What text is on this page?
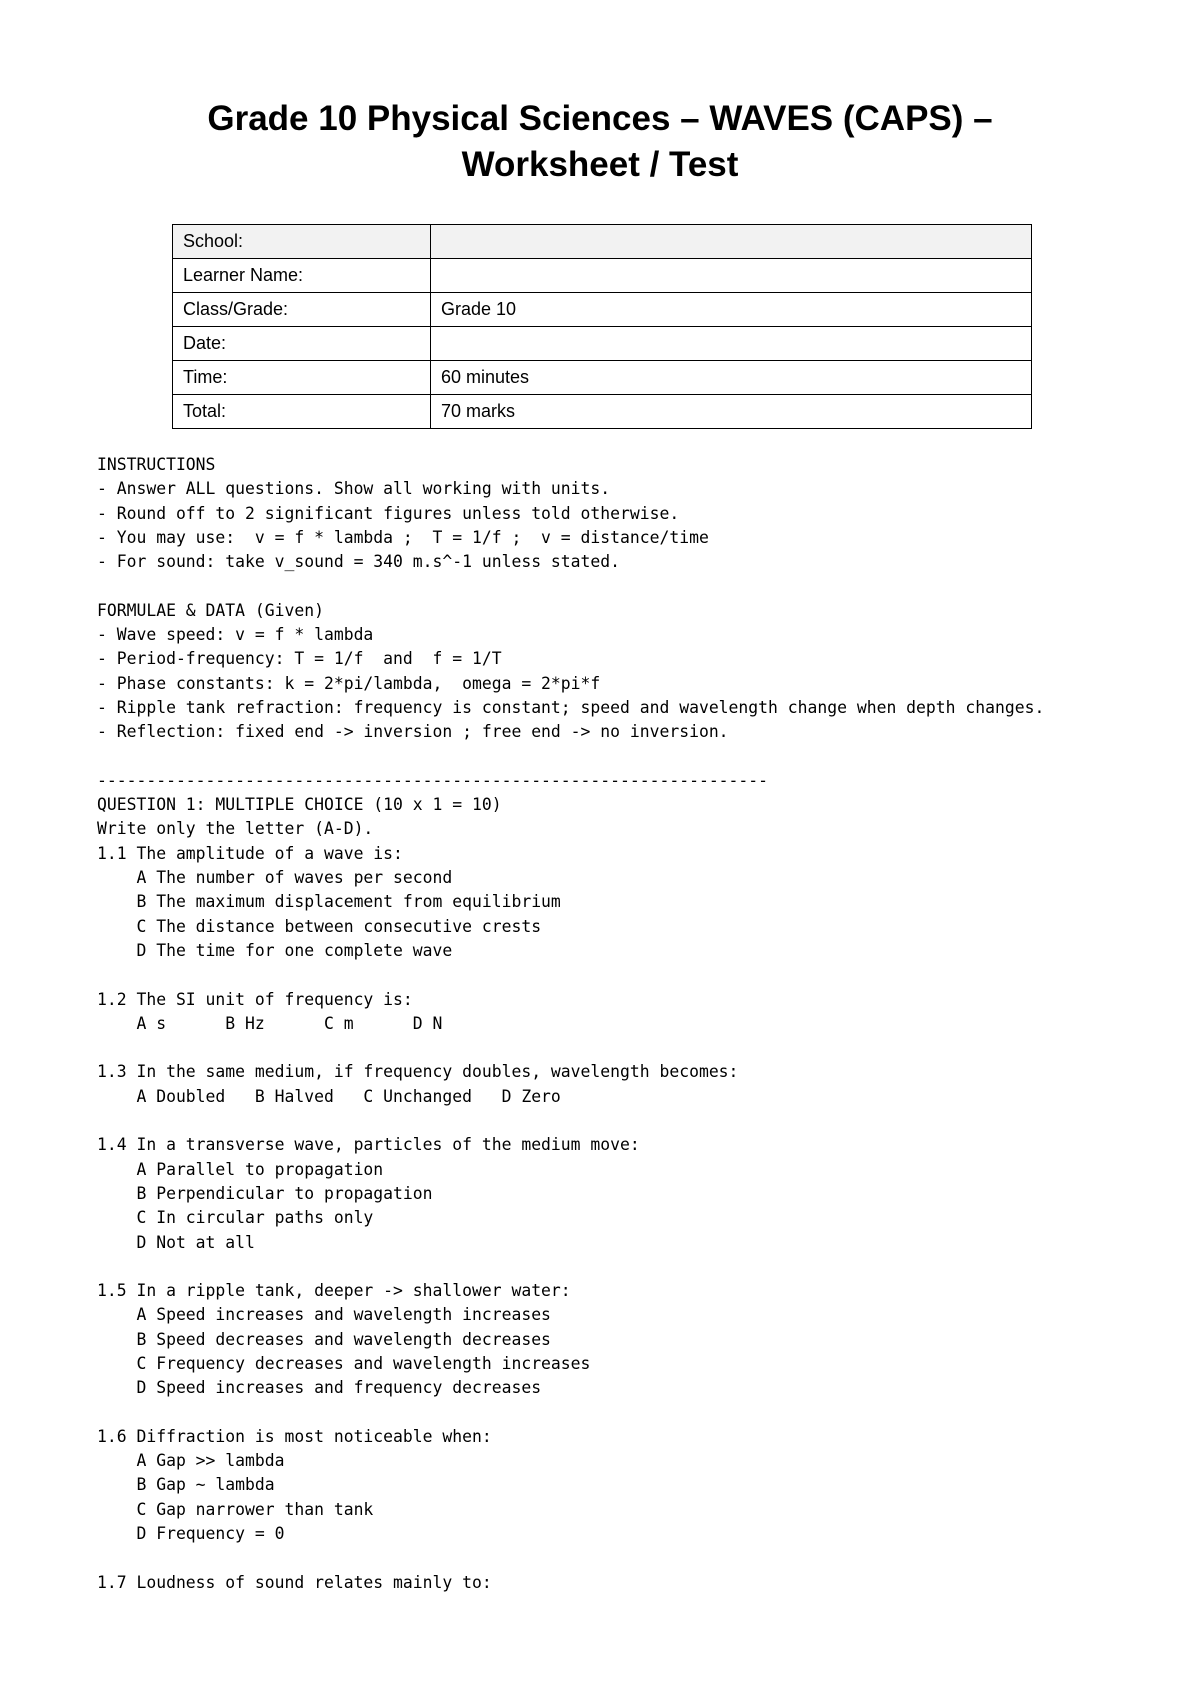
Grade 10 Physical Sciences – WAVES (CAPS) –
Worksheet / Test
School:	
Learner Name:	
Class/Grade:	Grade 10
Date:	
Time:	60 minutes
Total:	70 marks
INSTRUCTIONS
- Answer ALL questions. Show all working with units.
- Round off to 2 significant figures unless told otherwise.
- You may use:  v = f * lambda ;  T = 1/f ;  v = distance/time
- For sound: take v_sound = 340 m.s^-1 unless stated.
FORMULAE & DATA (Given)
- Wave speed: v = f * lambda
- Period-frequency: T = 1/f  and  f = 1/T
- Phase constants: k = 2*pi/lambda,  omega = 2*pi*f
- Ripple tank refraction: frequency is constant; speed and wavelength change when depth changes.
- Reflection: fixed end -> inversion ; free end -> no inversion.
--------------------------------------------------------------------
QUESTION 1: MULTIPLE CHOICE (10 x 1 = 10)
Write only the letter (A-D).
1.1 The amplitude of a wave is:
A The number of waves per second
B The maximum displacement from equilibrium
C The distance between consecutive crests
D The time for one complete wave
1.2 The SI unit of frequency is:
A s      B Hz      C m      D N
1.3 In the same medium, if frequency doubles, wavelength becomes:
A Doubled   B Halved   C Unchanged   D Zero
1.4 In a transverse wave, particles of the medium move:
A Parallel to propagation
B Perpendicular to propagation
C In circular paths only
D Not at all
1.5 In a ripple tank, deeper -> shallower water:
A Speed increases and wavelength increases
B Speed decreases and wavelength decreases
C Frequency decreases and wavelength increases
D Speed increases and frequency decreases
1.6 Diffraction is most noticeable when:
A Gap >> lambda
B Gap ~ lambda
C Gap narrower than tank
D Frequency = 0
1.7 Loudness of sound relates mainly to:
